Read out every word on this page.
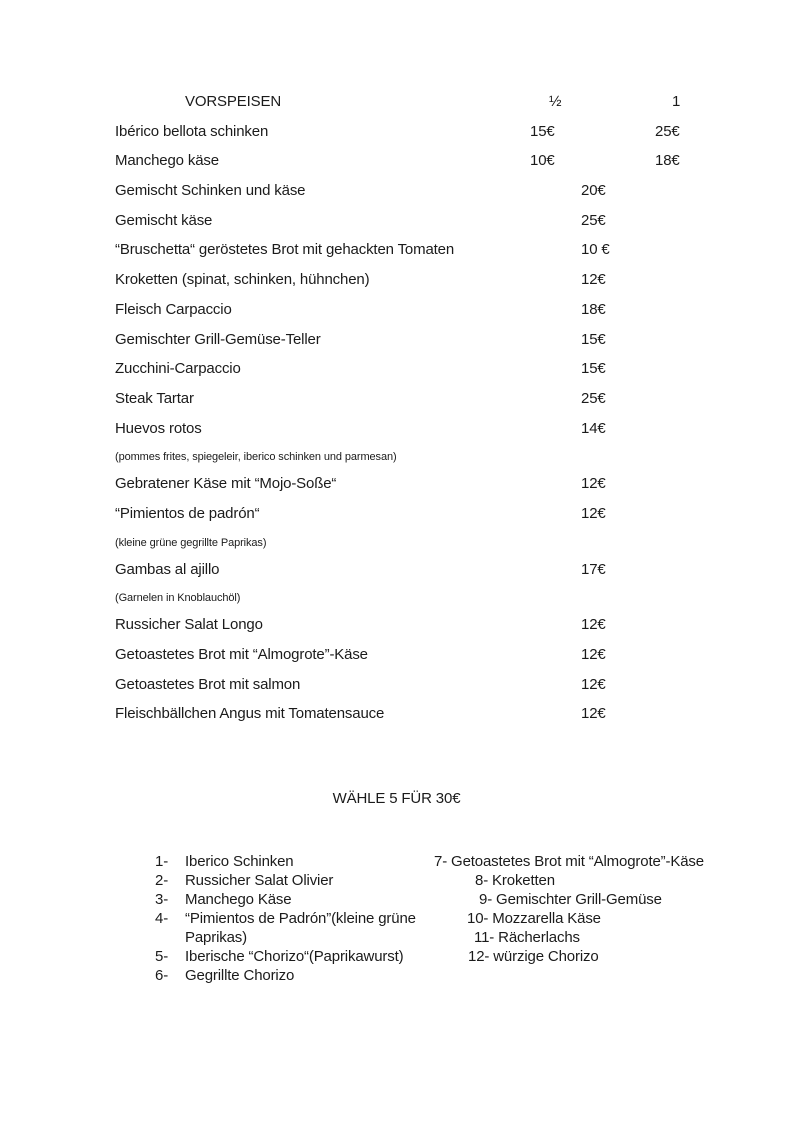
VORSPEISEN	½	1
Ibérico bellota schinken	15€	25€
Manchego käse	10€	18€
Gemischt Schinken und käse	20€
Gemischt käse	25€
“Bruschetta“ geröstetes Brot mit gehackten Tomaten	10 €
Kroketten (spinat, schinken, hühnchen)	12€
Fleisch Carpaccio	18€
Gemischter Grill-Gemüse-Teller	15€
Zucchini-Carpaccio	15€
Steak Tartar	25€
Huevos rotos	14€
(pommes frites, spiegeleir, iberico schinken und parmesan)
Gebratener Käse mit “Mojo-Soße“	12€
“Pimientos de padrón“	12€
(kleine grüne gegrillte Paprikas)
Gambas al ajillo	17€
(Garnelen in Knoblauchöl)
Russicher Salat Longo	12€
Getoastetes Brot mit “Almogrote”-Käse	12€
Getoastetes Brot mit salmon	12€
Fleischbällchen Angus mit Tomatensauce	12€
WÄHLE 5 FÜR 30€
1-	Iberico Schinken
2-	Russicher Salat Olivier
3-	Manchego Käse
4-	“Pimientos de Padrón”(kleine grüne Paprikas)
5-	Iberische “Chorizo“(Paprikawurst)
6-	Gegrillte Chorizo
7- Getoastetes Brot mit “Almogrote”-Käse
8- Kroketten
9- Gemischter Grill-Gemüse
10- Mozzarella Käse
11- Rächerlachs
12- würzige Chorizo
